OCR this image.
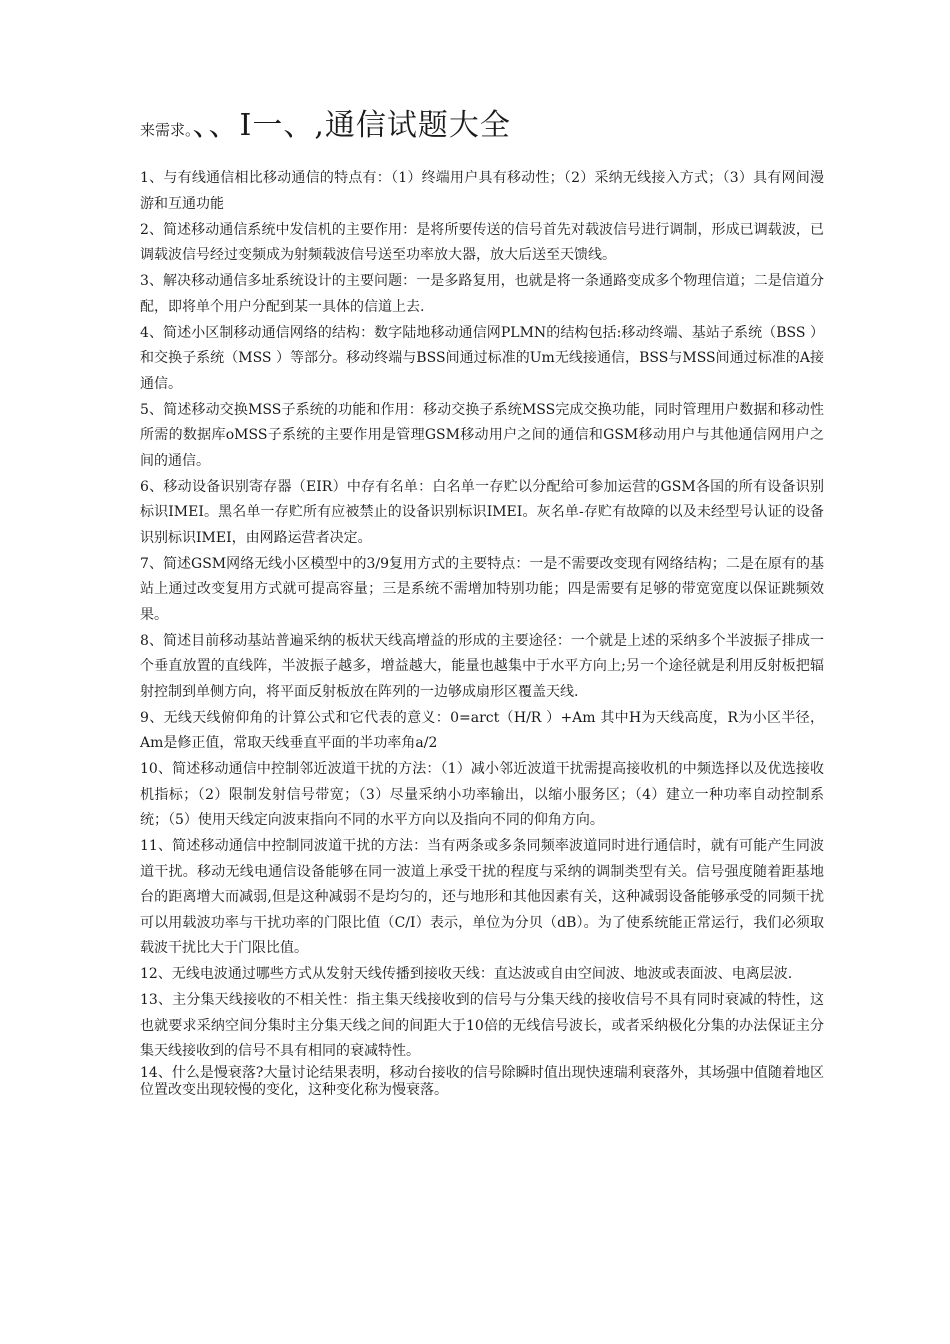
来需求。、、Ⅰ一、,通信试题大全

1、与有线通信相比移动通信的特点有：（1）终端用户具有移动性；（2）采纳无线接入方式；（3）具有网间漫游和互通功能

2、简述移动通信系统中发信机的主要作用：是将所要传送的信号首先对载波信号进行调制，形成已调载波，已调载波信号经过变频成为射频载波信号送至功率放大器，放大后送至天馈线。

3、解决移动通信多址系统设计的主要问题：一是多路复用，也就是将一条通路变成多个物理信道；二是信道分配，即将单个用户分配到某一具体的信道上去.

4、简述小区制移动通信网络的结构：数字陆地移动通信网PLMN的结构包括:移动终端、基站子系统（BSS ）和交换子系统（MSS ）等部分。移动终端与BSS间通过标准的Um无线接通信，BSS与MSS间通过标准的A接通信。

5、简述移动交换MSS子系统的功能和作用：移动交换子系统MSS完成交换功能，同时管理用户数据和移动性所需的数据库oMSS子系统的主要作用是管理GSM移动用户之间的通信和GSM移动用户与其他通信网用户之间的通信。

6、移动设备识别寄存器（EIR）中存有名单：白名单一存贮以分配给可参加运营的GSM各国的所有设备识别标识IMEI。黑名单一存贮所有应被禁止的设备识别标识IMEI。灰名单-存贮有故障的以及未经型号认证的设备识别标识IMEI，由网路运营者决定。

7、简述GSM网络无线小区模型中的3/9复用方式的主要特点：一是不需要改变现有网络结构；二是在原有的基站上通过改变复用方式就可提高容量；三是系统不需增加特别功能；四是需要有足够的带宽宽度以保证跳频效果。

8、简述目前移动基站普遍采纳的板状天线高增益的形成的主要途径：一个就是上述的采纳多个半波振子排成一个垂直放置的直线阵，半波振子越多，增益越大，能量也越集中于水平方向上;另一个途径就是利用反射板把辐射控制到单侧方向，将平面反射板放在阵列的一边够成扇形区覆盖天线.

9、无线天线俯仰角的计算公式和它代表的意义：0=arct（H/R ）+Am 其中H为天线高度，R为小区半径，Am是修正值，常取天线垂直平面的半功率角a/2

10、简述移动通信中控制邻近波道干扰的方法：（1）减小邻近波道干扰需提高接收机的中频选择以及优选接收机指标；（2）限制发射信号带宽；（3）尽量采纳小功率输出，以缩小服务区；（4）建立一种功率自动控制系统；（5）使用天线定向波束指向不同的水平方向以及指向不同的仰角方向。

11、简述移动通信中控制同波道干扰的方法：当有两条或多条同频率波道同时进行通信时，就有可能产生同波道干扰。移动无线电通信设备能够在同一波道上承受干扰的程度与采纳的调制类型有关。信号强度随着距基地台的距离增大而减弱,但是这种减弱不是均匀的，还与地形和其他因素有关，这种减弱设备能够承受的同频干扰可以用载波功率与干扰功率的门限比值（C/I）表示，单位为分贝（dB）。为了使系统能正常运行，我们必须取载波干扰比大于门限比值。

12、无线电波通过哪些方式从发射天线传播到接收天线：直达波或自由空间波、地波或表面波、电离层波.

13、主分集天线接收的不相关性：指主集天线接收到的信号与分集天线的接收信号不具有同时衰减的特性，这也就要求采纳空间分集时主分集天线之间的间距大于10倍的无线信号波长，或者采纳极化分集的办法保证主分集天线接收到的信号不具有相同的衰减特性。

14、什么是慢衰落?大量讨论结果表明，移动台接收的信号除瞬时值出现快速瑞利衰落外，其场强中值随着地区位置改变出现较慢的变化，这种变化称为慢衰落。
